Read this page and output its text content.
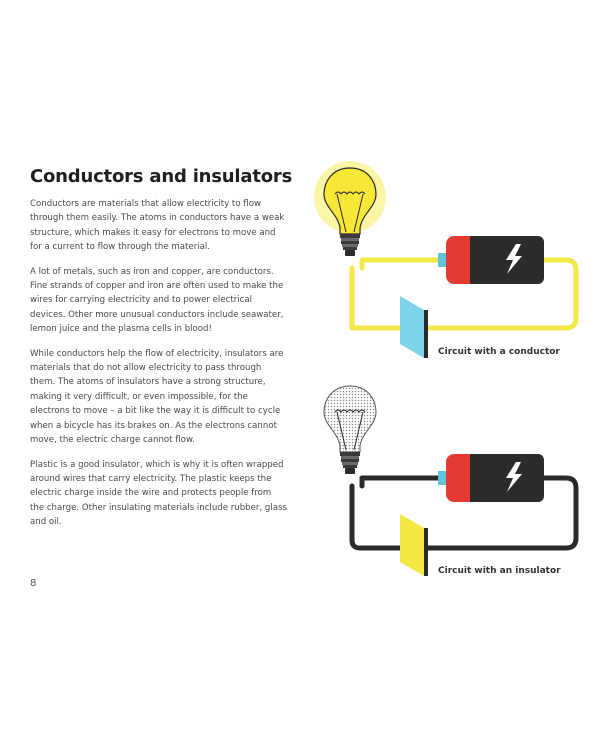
Conductors and insulators

Conductors are materials that allow electricity to flow through them easily. The atoms in conductors have a weak structure, which makes it easy for electrons to move and for a current to flow through the material.

A lot of metals, such as iron and copper, are conductors. Fine strands of copper and iron are often used to make the wires for carrying electricity and to power electrical devices. Other more unusual conductors include seawater, lemon juice and the plasma cells in blood!

While conductors help the flow of electricity, insulators are materials that do not allow electricity to pass through them. The atoms of insulators have a strong structure, making it very difficult, or even impossible, for the electrons to move – a bit like the way it is difficult to cycle when a bicycle has its brakes on. As the electrons cannot move, the electric charge cannot flow.

Plastic is a good insulator, which is why it is often wrapped around wires that carry electricity. The plastic keeps the electric charge inside the wire and protects people from the charge. Other insulating materials include rubber, glass and oil.

8
Circuit with a conductor
Circuit with an insulator
